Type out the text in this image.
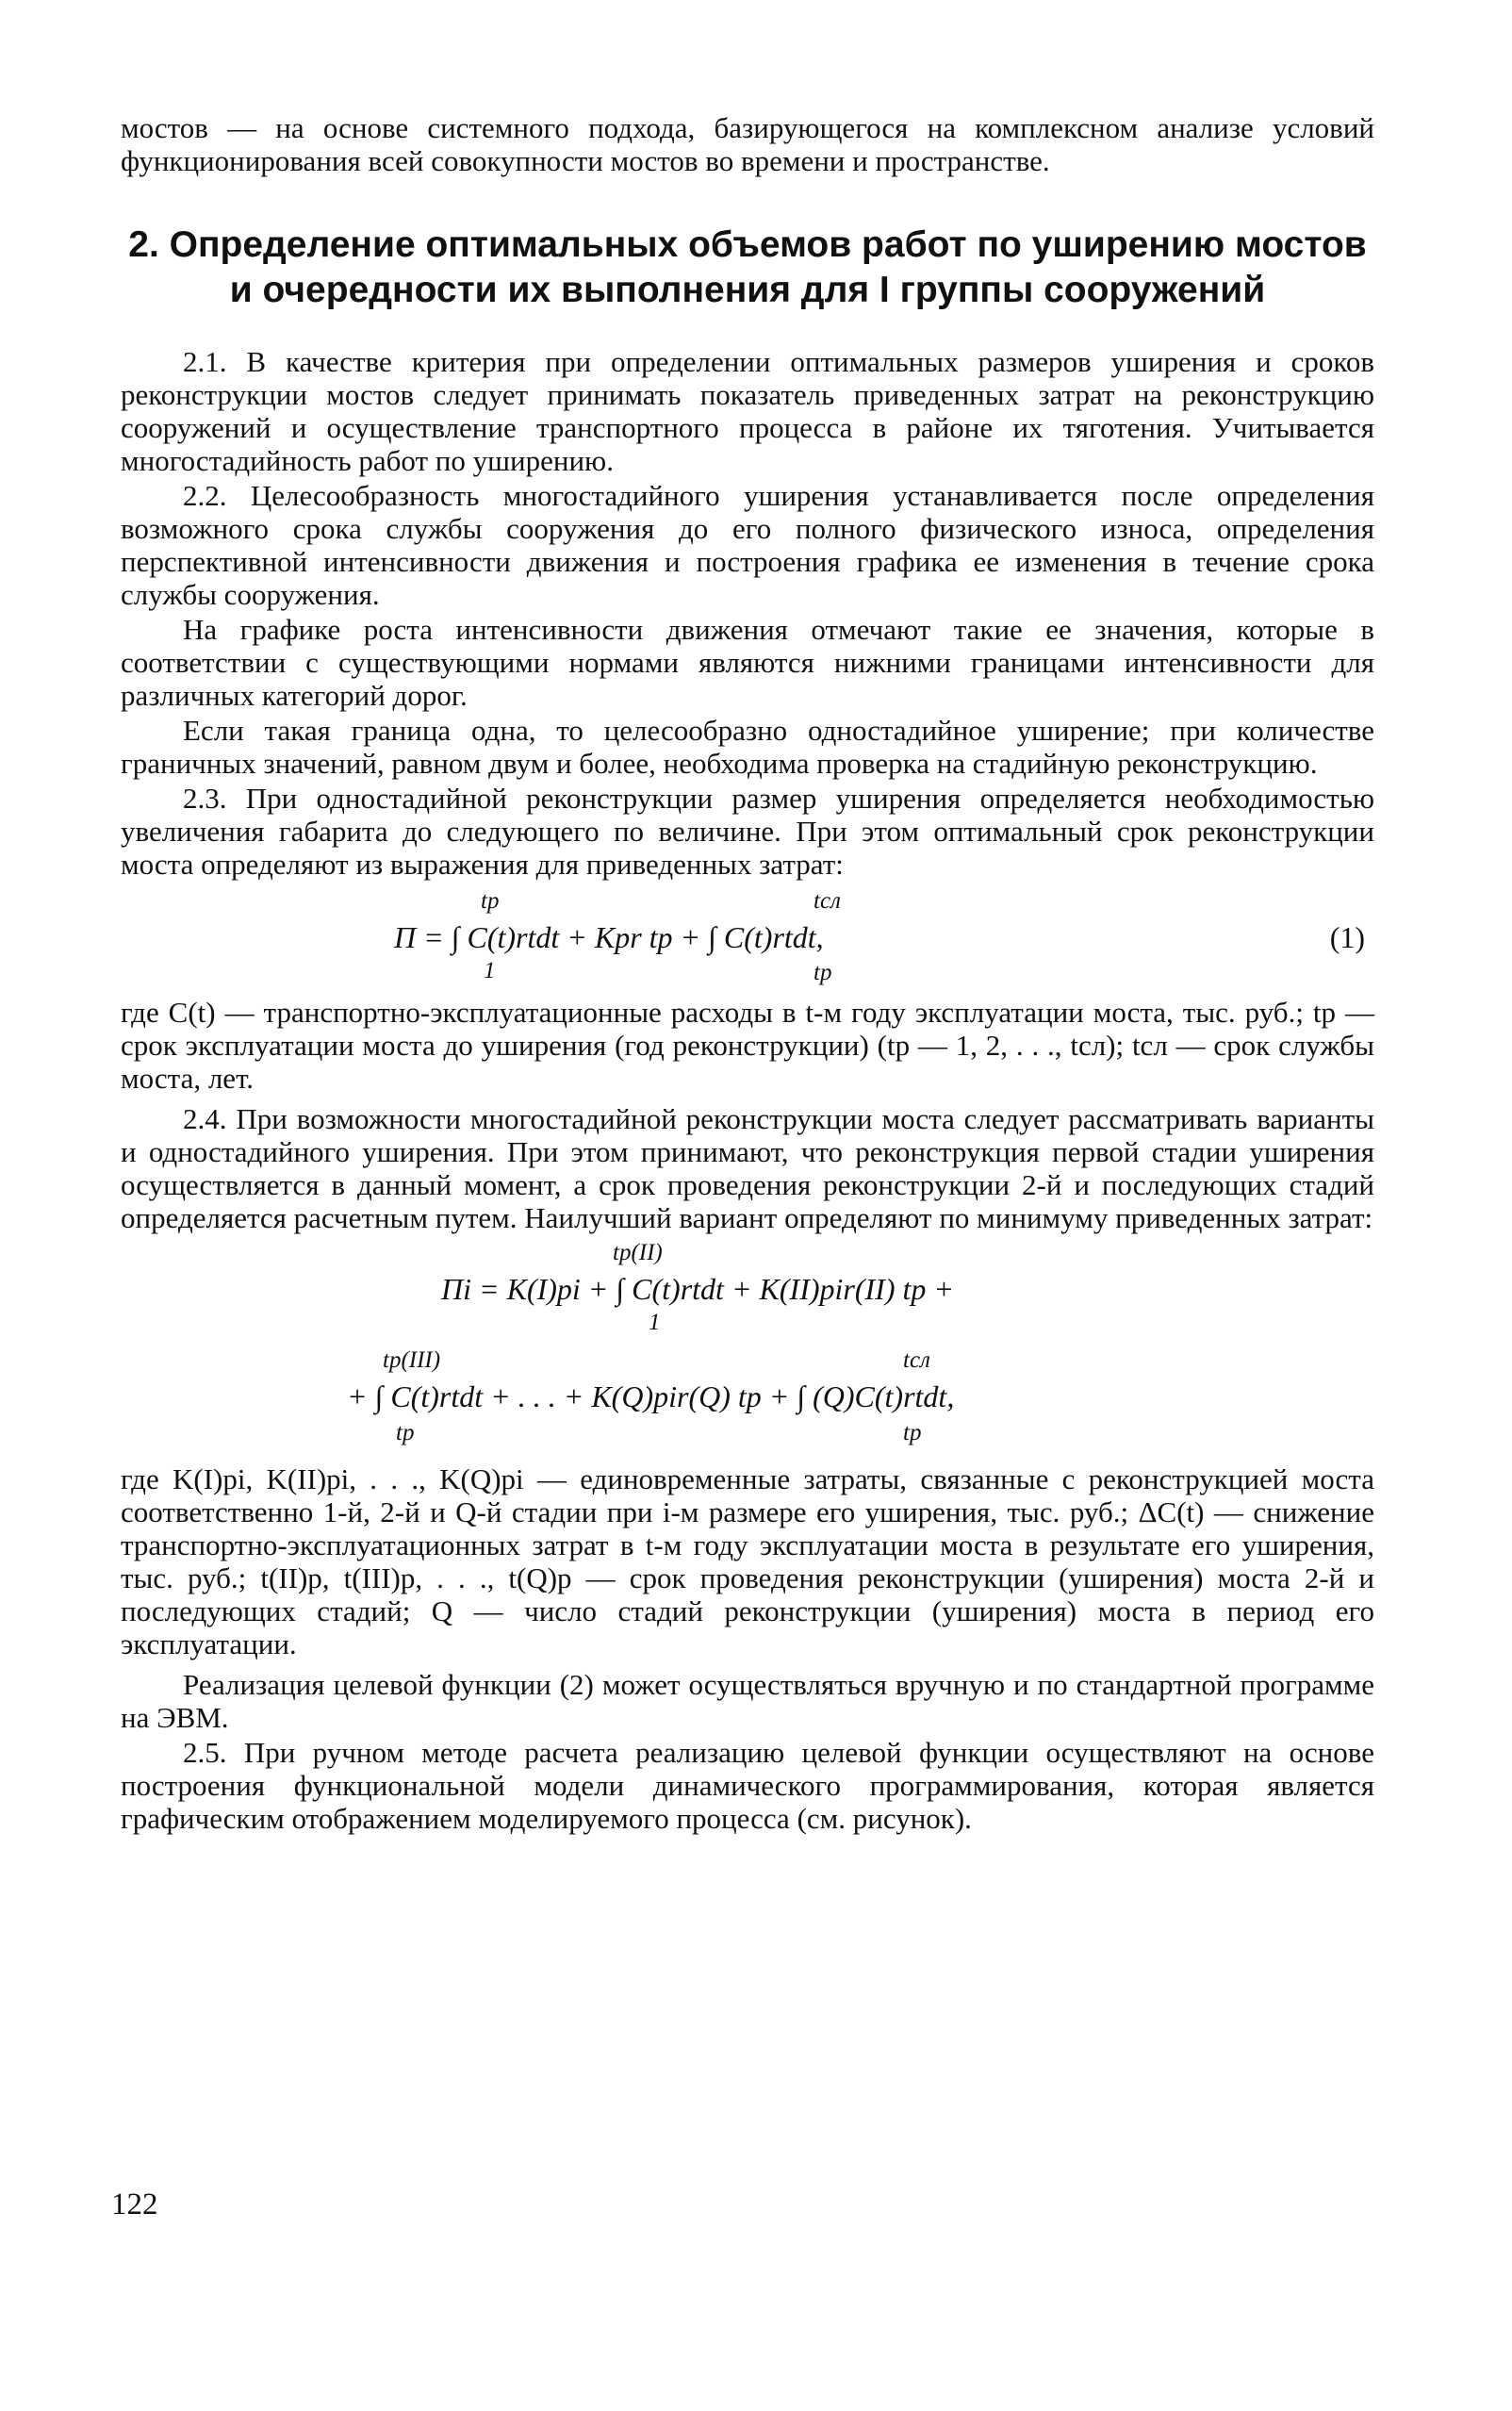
мостов — на основе системного подхода, базирующегося на комплексном анализе условий функционирования всей совокупности мостов во времени и пространстве.

2. Определение оптимальных объемов работ по уширению мостов и очередности их выполнения для I группы сооружений

2.1. В качестве критерия при определении оптимальных размеров уширения и сроков реконструкции мостов следует принимать показатель приведенных затрат на реконструкцию сооружений и осуществление транспортного процесса в районе их тяготения. Учитывается многостадийность работ по уширению.

2.2. Целесообразность многостадийного уширения устанавливается после определения возможного срока службы сооружения до его полного физического износа, определения перспективной интенсивности движения и построения графика ее изменения в течение срока службы сооружения.

На графике роста интенсивности движения отмечают такие ее значения, которые в соответствии с существующими нормами являются нижними границами интенсивности для различных категорий дорог.

Если такая граница одна, то целесообразно одностадийное уширение; при количестве граничных значений, равном двум и более, необходима проверка на стадийную реконструкцию.

2.3. При одностадийной реконструкции размер уширения определяется необходимостью увеличения габарита до следующего по величине. При этом оптимальный срок реконструкции моста определяют из выражения для приведенных затрат:

tр	tсл
П = ∫ C(t)rtdt + Kрr tр + ∫ C(t)rtdt,
1	tр
(1)

где C(t) — транспортно-эксплуатационные расходы в t-м году эксплуатации моста, тыс. руб.; tр — срок эксплуатации моста до уширения (год реконструкции) (tр — 1, 2, . . ., tсл); tсл — срок службы моста, лет.

2.4. При возможности многостадийной реконструкции моста следует рассматривать варианты и одностадийного уширения. При этом принимают, что реконструкция первой стадии уширения осуществляется в данный момент, а срок проведения реконструкции 2-й и последующих стадий определяется расчетным путем. Наилучший вариант определяют по минимуму приведенных затрат:

tр(II)
Пi = K(I)pi + ∫ C(t)rtdt + K(II)pir(II) tр +
1
tр(III)	tсл
+ ∫ C(t)rtdt + . . . + K(Q)pir(Q) tр + ∫ (Q)C(t)rtdt,
tр	tр

где K(I)pi, K(II)pi, . . ., K(Q)pi — единовременные затраты, связанные с реконструкцией моста соответственно 1-й, 2-й и Q-й стадии при i-м размере его уширения, тыс. руб.; ΔC(t) — снижение транспортно-эксплуатационных затрат в t-м году эксплуатации моста в результате его уширения, тыс. руб.; t(II)р, t(III)р, . . ., t(Q)р — срок проведения реконструкции (уширения) моста 2-й и последующих стадий; Q — число стадий реконструкции (уширения) моста в период его эксплуатации.

Реализация целевой функции (2) может осуществляться вручную и по стандартной программе на ЭВМ.

2.5. При ручном методе расчета реализацию целевой функции осуществляют на основе построения функциональной модели динамического программирования, которая является графическим отображением моделируемого процесса (см. рисунок).

122
